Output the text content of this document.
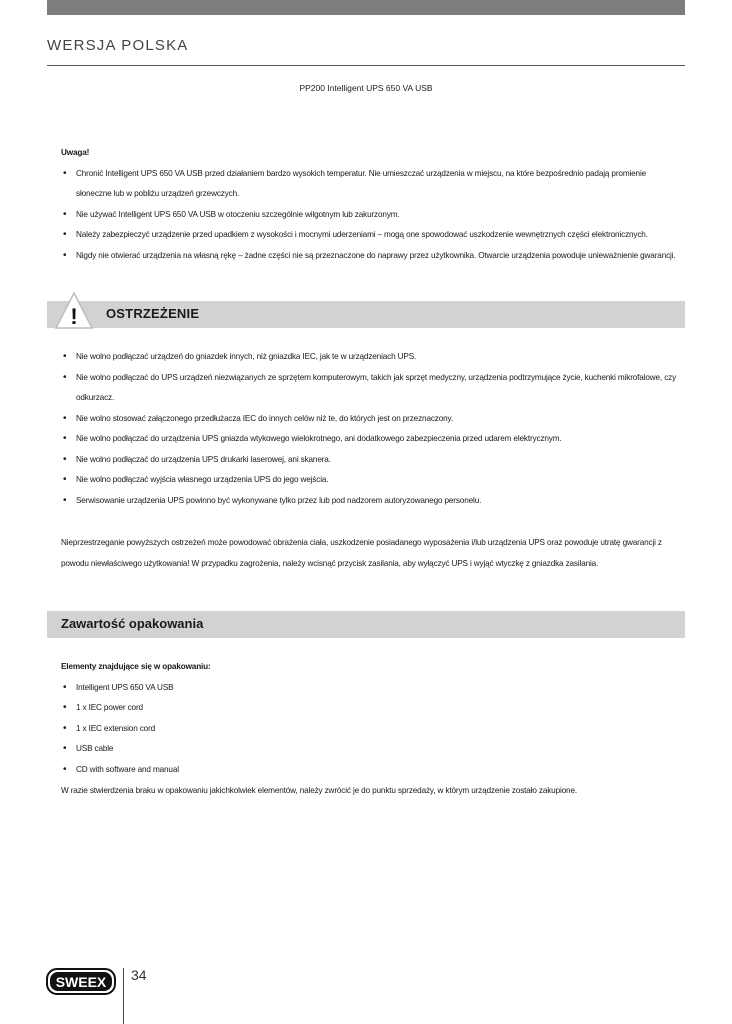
WERSJA POLSKA
PP200 Intelligent UPS 650 VA USB
Uwaga!
• Chronić Intelligent UPS 650 VA USB przed działaniem bardzo wysokich temperatur. Nie umieszczać urządzenia w miejscu, na które bezpośrednio padają promienie słoneczne lub w pobliżu urządzeń grzewczych.
• Nie używać Intelligent UPS 650 VA USB w otoczeniu szczególnie wilgotnym lub zakurzonym.
• Należy zabezpieczyć urządzenie przed upadkiem z wysokości i mocnymi uderzeniami – mogą one spowodować uszkodzenie wewnętrznych części elektronicznych.
• Nigdy nie otwierać urządzenia na własną rękę – żadne części nie są przeznaczone do naprawy przez użytkownika. Otwarcie urządzenia powoduje unieważnienie gwarancji.
! OSTRZEŻENIE
• Nie wolno podłączać urządzeń do gniazdek innych, niż gniazdka IEC, jak te w urządzeniach UPS.
• Nie wolno podłączać do UPS urządzeń niezwiązanych ze sprzętem komputerowym, takich jak sprzęt medyczny, urządzenia podtrzymujące życie, kuchenki mikrofalowe, czy odkurzacz.
• Nie wolno stosować załączonego przedłużacza IEC do innych celów niż te, do których jest on przeznaczony.
• Nie wolno podłączać do urządzenia UPS gniazda wtykowego wielokrotnego, ani dodatkowego zabezpieczenia przed udarem elektrycznym.
• Nie wolno podłączać do urządzenia UPS drukarki laserowej, ani skanera.
• Nie wolno podłączać wyjścia własnego urządzenia UPS do jego wejścia.
• Serwisowanie urządzenia UPS powinno być wykonywane tylko przez lub pod nadzorem autoryzowanego personelu.
Nieprzestrzeganie powyższych ostrzeżeń może powodować obrażenia ciała, uszkodzenie posiadanego wyposażenia i/lub urządzenia UPS oraz powoduje utratę gwarancji z powodu niewłaściwego użytkowania! W przypadku zagrożenia, należy wcisnąć przycisk zasilania, aby wyłączyć UPS i wyjąć wtyczkę z gniazdka zasilania.
Zawartość opakowania
Elementy znajdujące się w opakowaniu:
• Intelligent UPS 650 VA USB
• 1 x IEC power cord
• 1 x IEC extension cord
• USB cable
• CD with software and manual
W razie stwierdzenia braku w opakowaniu jakichkolwiek elementów, należy zwrócić je do punktu sprzedaży, w którym urządzenie zostało zakupione.
SWEEX 34
